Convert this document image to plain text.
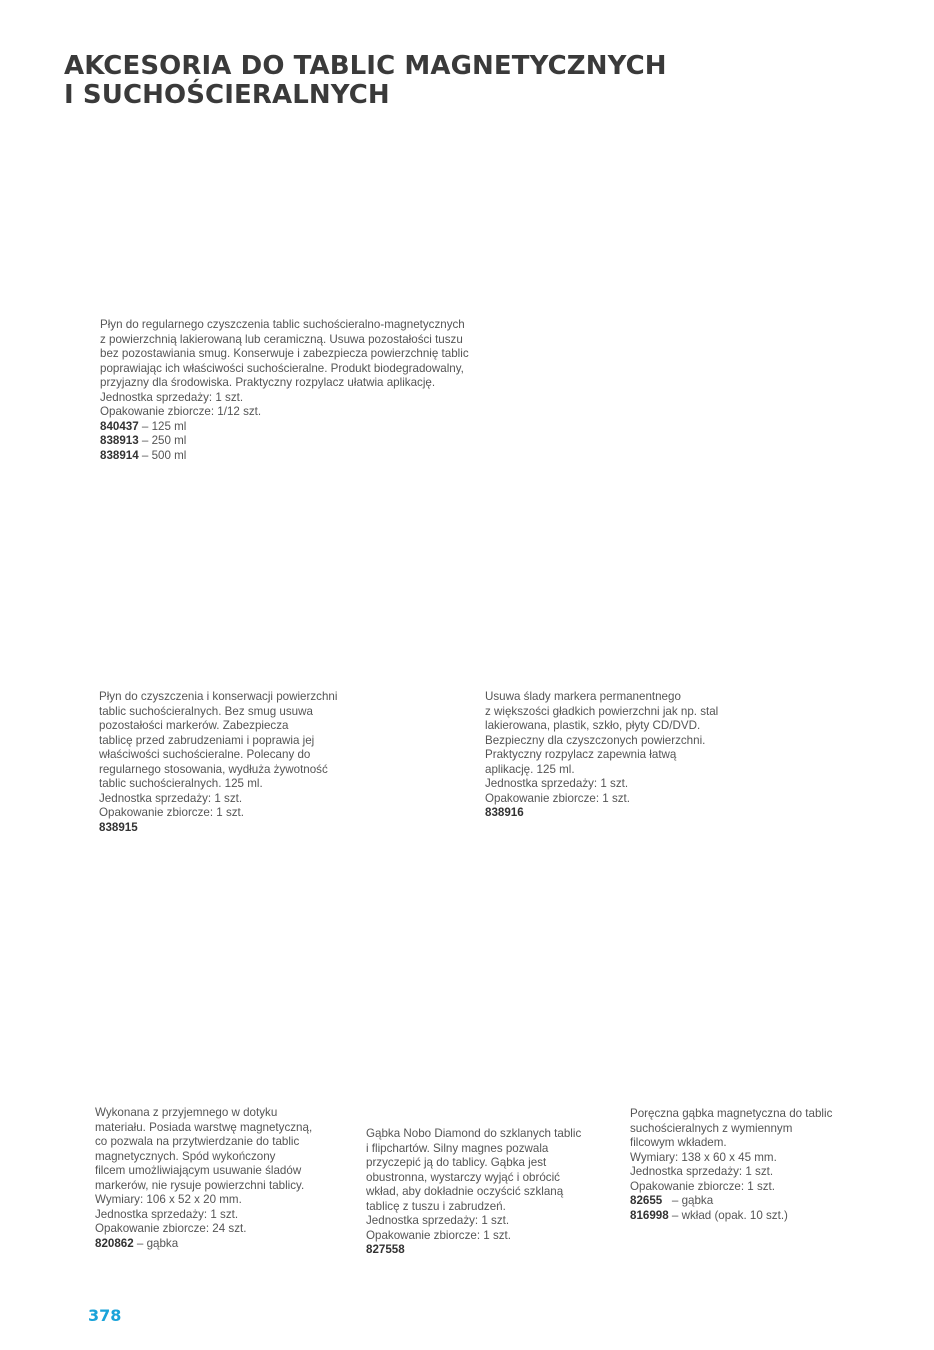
AKCESORIA DO TABLIC MAGNETYCZNYCH
I SUCHOŚCIERALNYCH

Płyn do regularnego czyszczenia tablic suchościeralno-magnetycznych
z powierzchnią lakierowaną lub ceramiczną. Usuwa pozostałości tuszu
bez pozostawiania smug. Konserwuje i zabezpiecza powierzchnię tablic
poprawiając ich właściwości suchościeralne. Produkt biodegradowalny,
przyjazny dla środowiska. Praktyczny rozpylacz ułatwia aplikację.

Jednostka sprzedaży: 1 szt.
Opakowanie zbiorcze: 1/12 szt.

840437 – 125 ml
838913 – 250 ml
838914 – 500 ml

Płyn do czyszczenia i konserwacji powierzchni
tablic suchościeralnych. Bez smug usuwa
pozostałości markerów. Zabezpiecza
tablicę przed zabrudzeniami i poprawia jej
właściwości suchościeralne. Polecany do
regularnego stosowania, wydłuża żywotność
tablic suchościeralnych. 125 ml.

Jednostka sprzedaży: 1 szt.
Opakowanie zbiorcze: 1 szt.

838915

Usuwa ślady markera permanentnego
z większości gładkich powierzchni jak np. stal
lakierowana, plastik, szkło, płyty CD/DVD.
Bezpieczny dla czyszczonych powierzchni.
Praktyczny rozpylacz zapewnia łatwą
aplikację. 125 ml.

Jednostka sprzedaży: 1 szt.
Opakowanie zbiorcze: 1 szt.

838916

Wykonana z przyjemnego w dotyku
materiału. Posiada warstwę magnetyczną,
co pozwala na przytwierdzanie do tablic
magnetycznych. Spód wykończony
filcem umożliwiającym usuwanie śladów
markerów, nie rysuje powierzchni tablicy.
Wymiary: 106 x 52 x 20 mm.

Jednostka sprzedaży: 1 szt.
Opakowanie zbiorcze: 24 szt.

820862 – gąbka

Gąbka Nobo Diamond do szklanych tablic
i flipchartów. Silny magnes pozwala
przyczepić ją do tablicy. Gąbka jest
obustronna, wystarczy wyjąć i obrócić
wkład, aby dokładnie oczyścić szklaną
tablicę z tuszu i zabrudzeń.

Jednostka sprzedaży: 1 szt.
Opakowanie zbiorcze: 1 szt.

827558

Poręczna gąbka magnetyczna do tablic
suchościeralnych z wymiennym
filcowym wkładem.
Wymiary: 138 x 60 x 45 mm.

Jednostka sprzedaży: 1 szt.
Opakowanie zbiorcze: 1 szt.

82655   – gąbka
816998 – wkład (opak. 10 szt.)
378
